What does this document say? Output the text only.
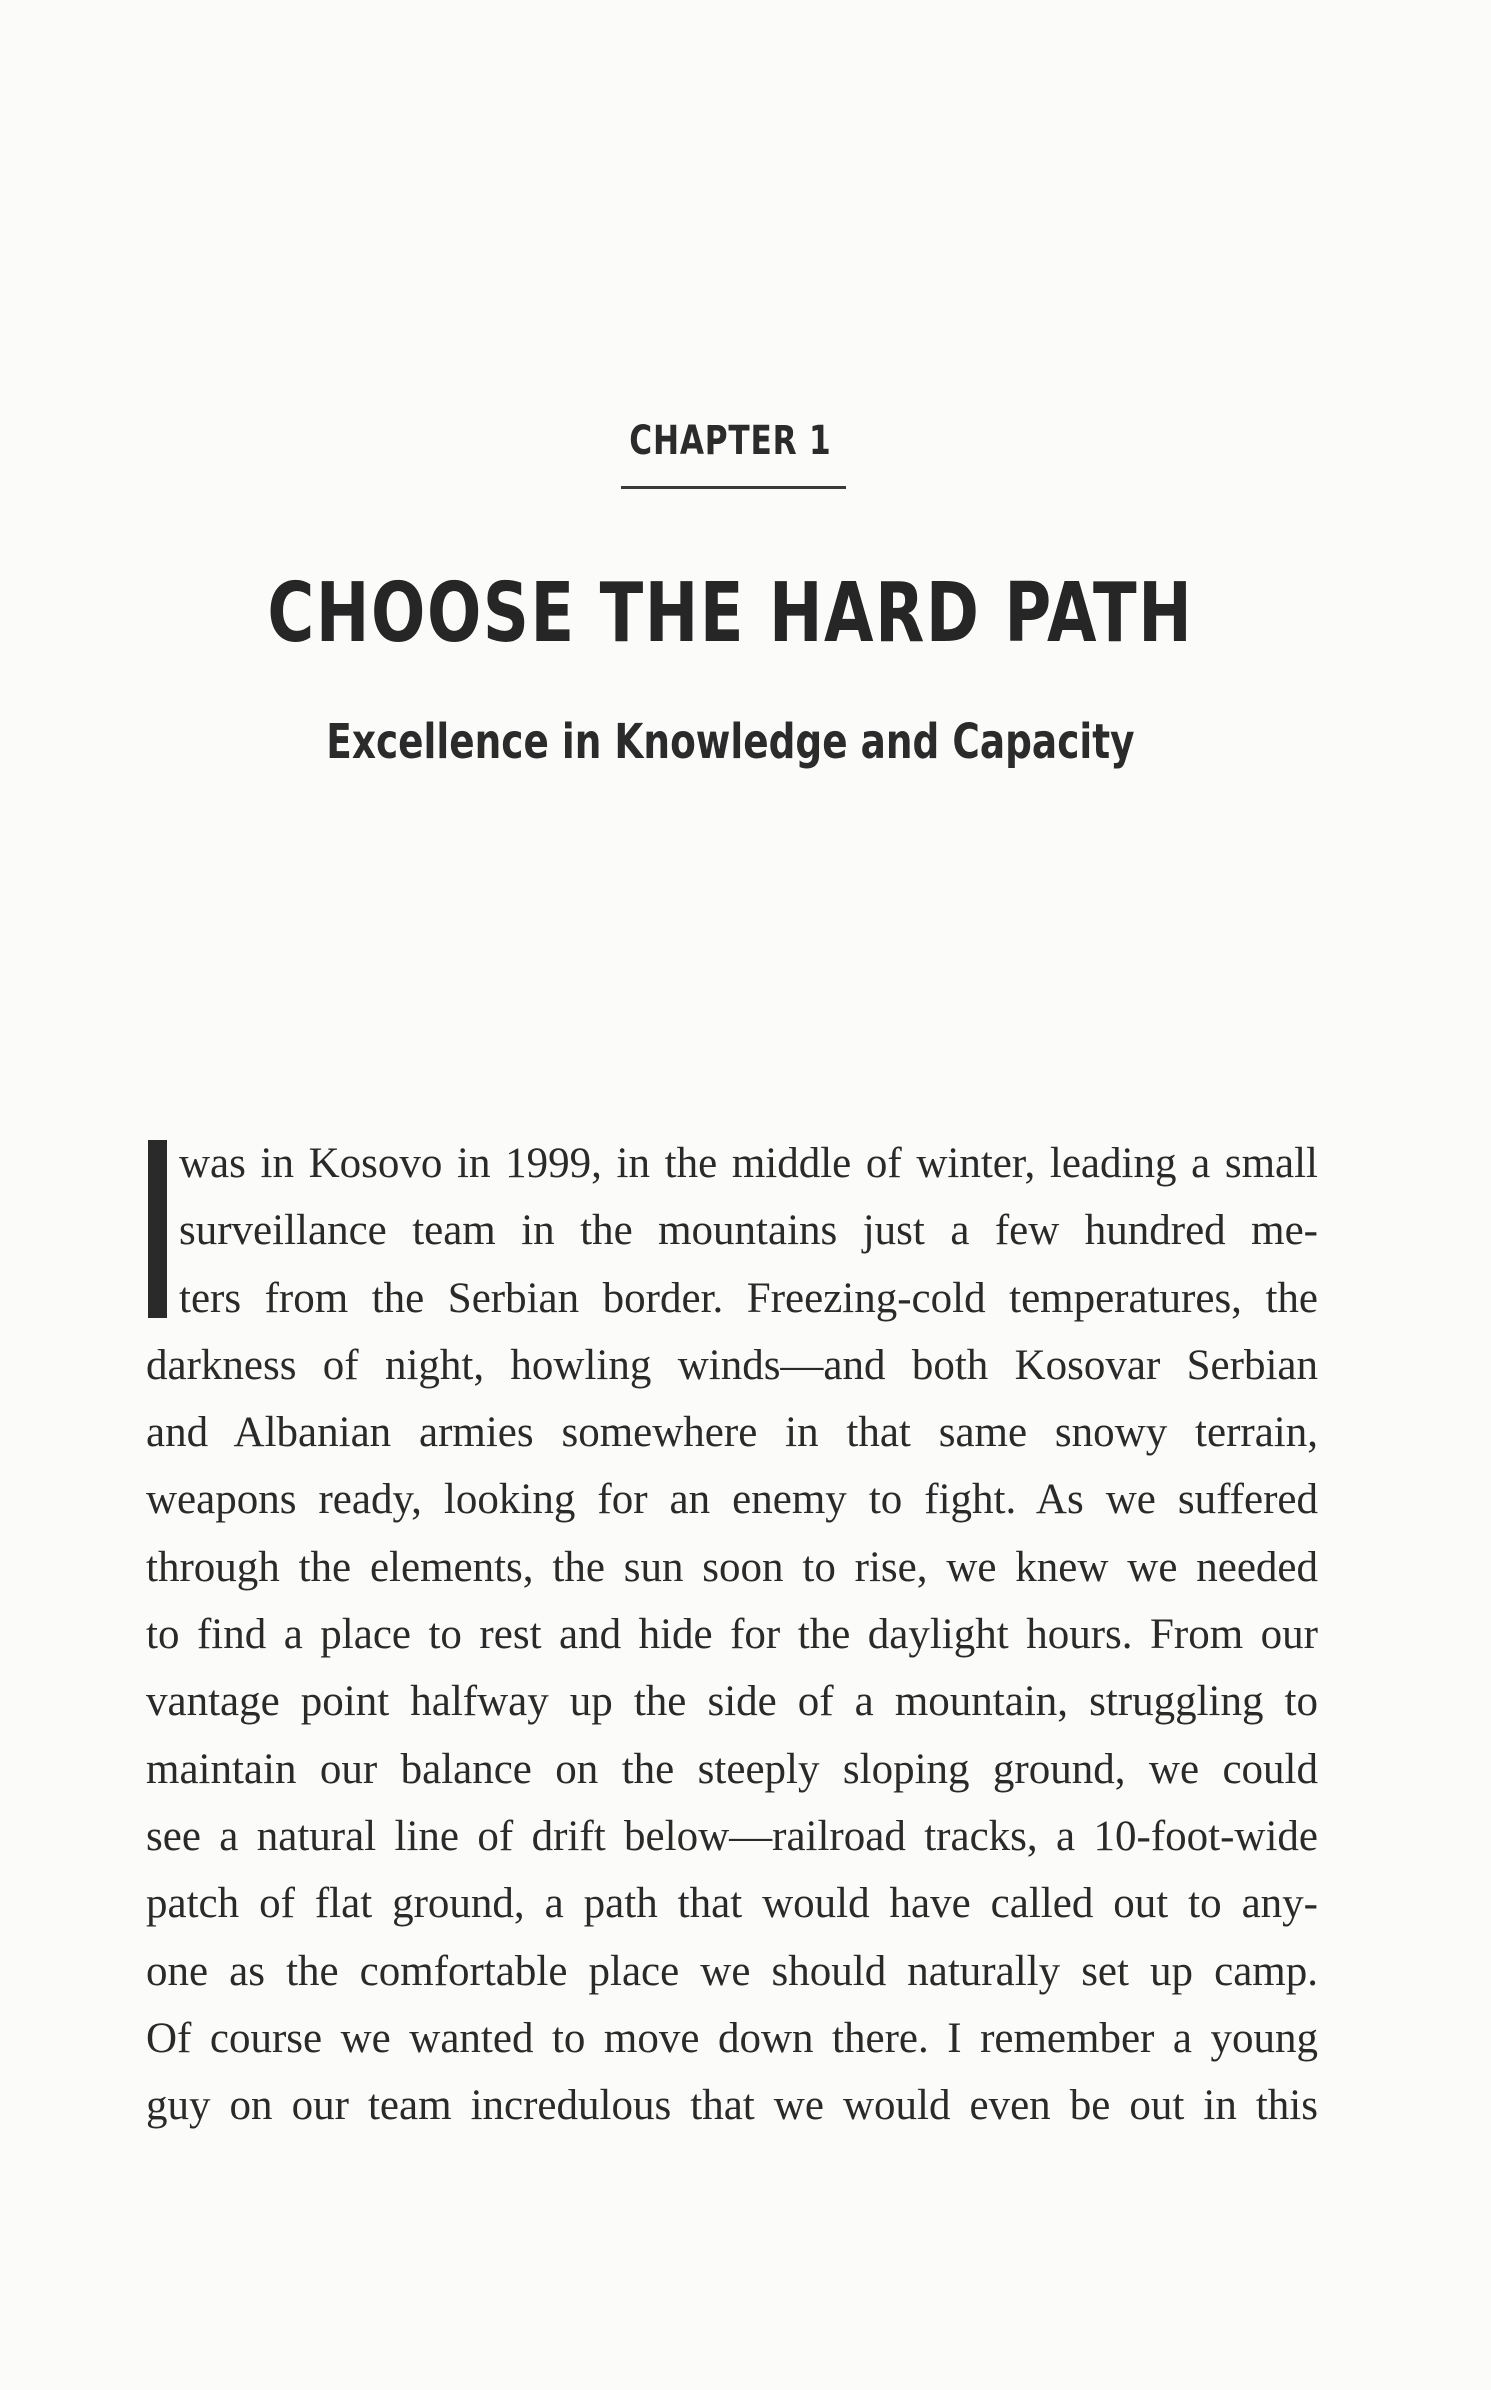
CHAPTER 1
CHOOSE THE HARD PATH
Excellence in Knowledge and Capacity
was in Kosovo in 1999, in the middle of winter, leading a small
surveillance team in the mountains just a few hundred me-
ters from the Serbian border. Freezing-cold temperatures, the
darkness of night, howling winds—and both Kosovar Serbian
and Albanian armies somewhere in that same snowy terrain,
weapons ready, looking for an enemy to fight. As we suffered
through the elements, the sun soon to rise, we knew we needed
to find a place to rest and hide for the daylight hours. From our
vantage point halfway up the side of a mountain, struggling to
maintain our balance on the steeply sloping ground, we could
see a natural line of drift below—railroad tracks, a 10-foot-wide
patch of flat ground, a path that would have called out to any-
one as the comfortable place we should naturally set up camp.
Of course we wanted to move down there. I remember a young
guy on our team incredulous that we would even be out in this
